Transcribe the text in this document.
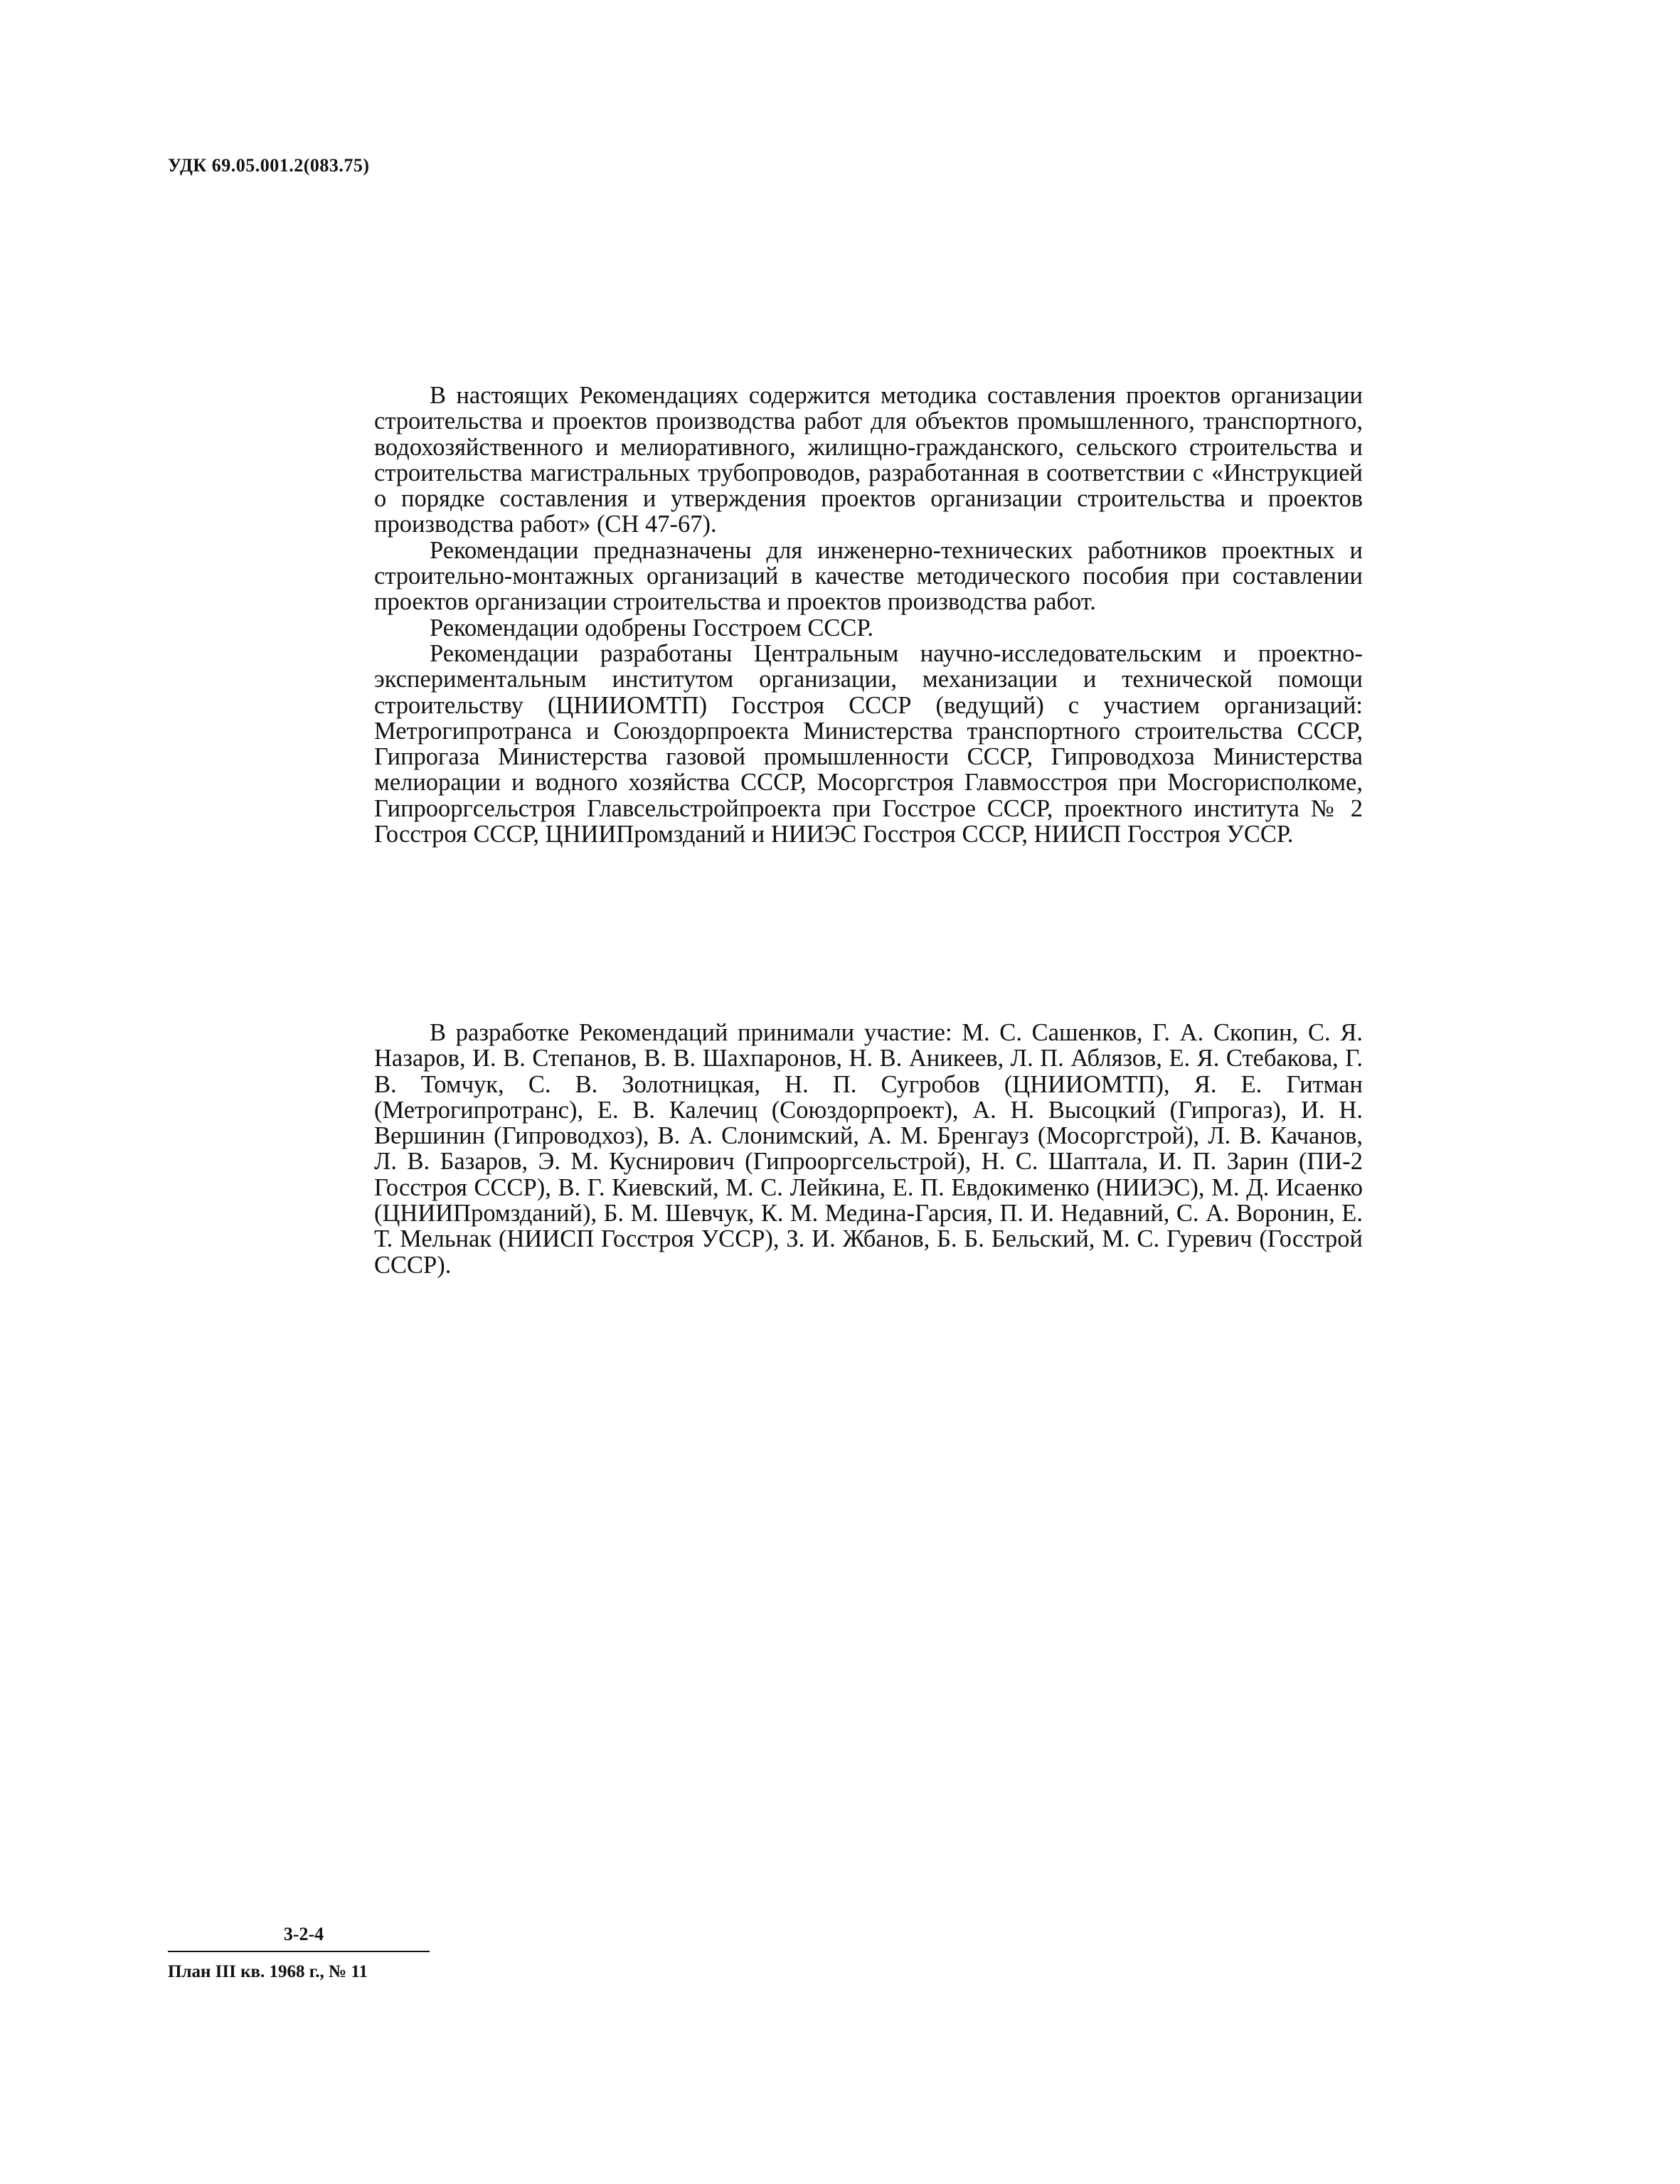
УДК 69.05.001.2(083.75)

В настоящих Рекомендациях содержится методика составления проектов организации строительства и проектов производства работ для объектов промышленного, транспортного, водохозяйственного и мелиоративного, жилищно-гражданского, сельского строительства и строительства магистральных трубопроводов, разработанная в соответствии с «Инструкцией о порядке составления и утверждения проектов организации строительства и проектов производства работ» (СН 47-67).

Рекомендации предназначены для инженерно-технических работников проектных и строительно-монтажных организаций в качестве методического пособия при составлении проектов организации строительства и проектов производства работ.

Рекомендации одобрены Госстроем СССР.

Рекомендации разработаны Центральным научно-исследовательским и проектно-экспериментальным институтом организации, механизации и технической помощи строительству (ЦНИИОМТП) Госстроя СССР (ведущий) с участием организаций: Метрогипротранса и Союздорпроекта Министерства транспортного строительства СССР, Гипрогаза Министерства газовой промышленности СССР, Гипроводхоза Министерства мелиорации и водного хозяйства СССР, Мосоргстроя Главмосстроя при Мосгорисполкоме, Гипрооргсельстроя Главсельстройпроекта при Госстрое СССР, проектного института № 2 Госстроя СССР, ЦНИИПромзданий и НИИЭС Госстроя СССР, НИИСП Госстроя УССР.

В разработке Рекомендаций принимали участие: М. С. Сашенков, Г. А. Скопин, С. Я. Назаров, И. В. Степанов, В. В. Шахпаронов, Н. В. Аникеев, Л. П. Аблязов, Е. Я. Стебакова, Г. В. Томчук, С. В. Золотницкая, Н. П. Сугробов (ЦНИИОМТП), Я. Е. Гитман (Метрогипротранс), Е. В. Калечиц (Союздорпроект), А. Н. Высоцкий (Гипрогаз), И. Н. Вершинин (Гипроводхоз), В. А. Слонимский, А. М. Бренгауз (Мосоргстрой), Л. В. Качанов, Л. В. Базаров, Э. М. Куснирович (Гипрооргсельстрой), Н. С. Шаптала, И. П. Зарин (ПИ-2 Госстроя СССР), В. Г. Киевский, М. С. Лейкина, Е. П. Евдокименко (НИИЭС), М. Д. Исаенко (ЦНИИПромзданий), Б. М. Шевчук, К. М. Медина-Гарсия, П. И. Недавний, С. А. Воронин, Е. Т. Мельнак (НИИСП Госстроя УССР), З. И. Жбанов, Б. Б. Бельский, М. С. Гуревич (Госстрой СССР).

3-2-4
План III кв. 1968 г., № 11
